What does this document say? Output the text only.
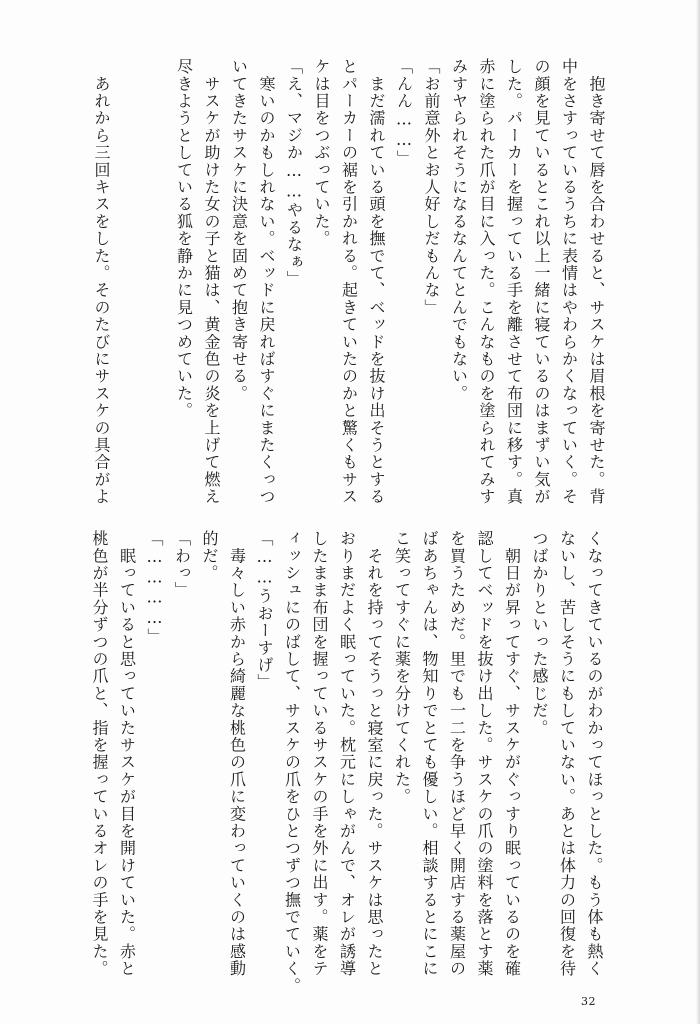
　抱き寄せて唇を合わせると、サスケは眉根を寄せた。背
中をさすっているうちに表情はやわらかくなっていく。そ
の顔を見ているとこれ以上一緒に寝ているのはまずい気が
した。パーカーを握っている手を離させて布団に移す。真
赤に塗られた爪が目に入った。こんなものを塗られてみす
みすヤられそうになるなんてとんでもない。
「お前意外とお人好しだもんな」
「んん……」
　まだ濡れている頭を撫でて、ベッドを抜け出そうとする
とパーカーの裾を引かれる。起きていたのかと驚くもサス
ケは目をつぶっていた。
「え、マジか……やるなぁ」
　寒いのかもしれない。ベッドに戻ればすぐにまたくっつ
いてきたサスケに決意を固めて抱き寄せる。
　サスケが助けた女の子と猫は、黄金色の炎を上げて燃え
尽きようとしている狐を静かに見つめていた。

　あれから三回キスをした。そのたびにサスケの具合がよ

くなってきているのがわかってほっとした。もう体も熱く
ないし、苦しそうにもしていない。あとは体力の回復を待
つばかりといった感じだ。
　朝日が昇ってすぐ、サスケがぐっすり眠っているのを確
認してベッドを抜け出した。サスケの爪の塗料を落とす薬
を買うためだ。里でも一二を争うほど早く開店する薬屋の
ばあちゃんは、物知りでとても優しい。相談するとにこに
こ笑ってすぐに薬を分けてくれた。
　それを持ってそうっと寝室に戻った。サスケは思ったと
おりまだよく眠っていた。枕元にしゃがんで、オレが誘導
したまま布団を握っているサスケの手を外に出す。薬をテ
ィッシュにのばして、サスケの爪をひとつずつ撫でていく。
「……うおーすげ」
　毒々しい赤から綺麗な桃色の爪に変わっていくのは感動
的だ。
「わっ」
「…………」
　眠っていると思っていたサスケが目を開けていた。赤と
桃色が半分ずつの爪と、指を握っているオレの手を見た。

32
